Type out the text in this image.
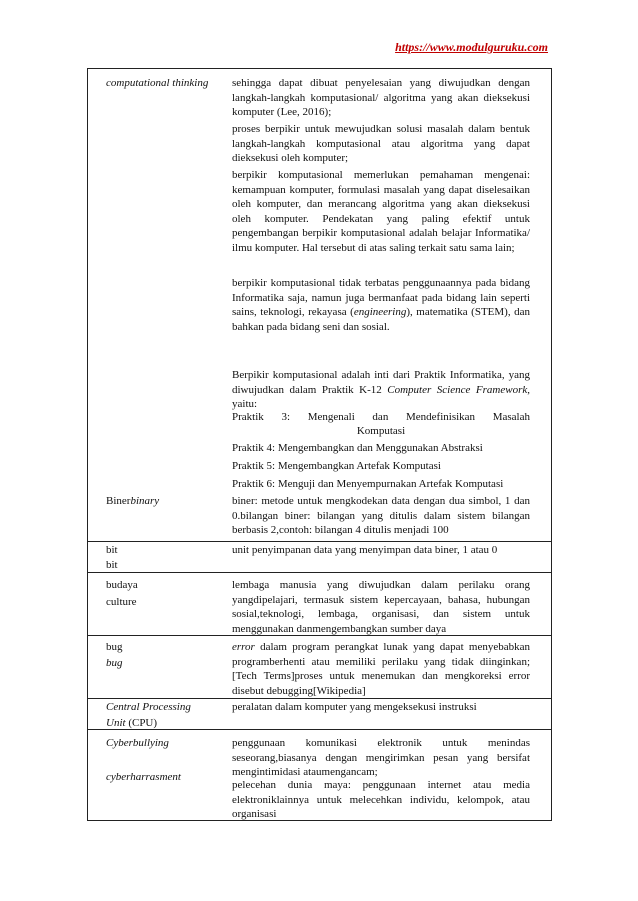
https://www.modulguruku.com
computational thinking sehingga dapat dibuat penyelesaian yang diwujudkan dengan langkah-langkah komputasional/ algoritma yang akan dieksekusi komputer (Lee, 2016);
proses berpikir untuk mewujudkan solusi masalah dalam bentuk langkah-langkah komputasional atau algoritma yang dapat dieksekusi oleh komputer;
berpikir komputasional memerlukan pemahaman mengenai: kemampuan komputer, formulasi masalah yang dapat diselesaikan oleh komputer, dan merancang algoritma yang akan dieksekusi oleh komputer. Pendekatan yang paling efektif untuk pengembangan berpikir komputasional adalah belajar Informatika/ ilmu komputer. Hal tersebut di atas saling terkait satu sama lain;
berpikir komputasional tidak terbatas penggunaannya pada bidang Informatika saja, namun juga bermanfaat pada bidang lain seperti sains, teknologi, rekayasa (engineering), matematika (STEM), dan bahkan pada bidang seni dan sosial.
Berpikir komputasional adalah inti dari Praktik Informatika, yang diwujudkan dalam Praktik K-12 Computer Science Framework, yaitu:
Praktik 3: Mengenali dan Mendefinisikan Masalah
Komputasi
Praktik 4: Mengembangkan dan Menggunakan Abstraksi
Praktik 5: Mengembangkan Artefak Komputasi
Praktik 6: Menguji dan Menyempurnakan Artefak Komputasi
Binerbinary	biner: metode untuk mengkodekan data dengan dua simbol, 1 dan 0.bilangan biner: bilangan yang ditulis dalam sistem bilangan berbasis 2,contoh: bilangan 4 ditulis menjadi 100
bit
bit
unit penyimpanan data yang menyimpan data biner, 1 atau 0
budaya
culture
lembaga manusia yang diwujudkan dalam perilaku orang yangdipelajari, termasuk sistem kepercayaan, bahasa, hubungan sosial,teknologi, lembaga, organisasi, dan sistem untuk menggunakan danmengembangkan sumber daya
bug
bug
error dalam program perangkat lunak yang dapat menyebabkan programberhenti atau memiliki perilaku yang tidak diinginkan; [Tech Terms]proses untuk menemukan dan mengkoreksi error disebut debugging[Wikipedia]
Central Processing
Unit (CPU)
peralatan dalam komputer yang mengeksekusi instruksi
Cyberbullying
cyberharrasment
penggunaan komunikasi elektronik untuk menindas seseorang,biasanya dengan mengirimkan pesan yang bersifat mengintimidasi ataumengancam;
pelecehan dunia maya: penggunaan internet atau media elektroniklainnya untuk melecehkan individu, kelompok, atau organisasi
